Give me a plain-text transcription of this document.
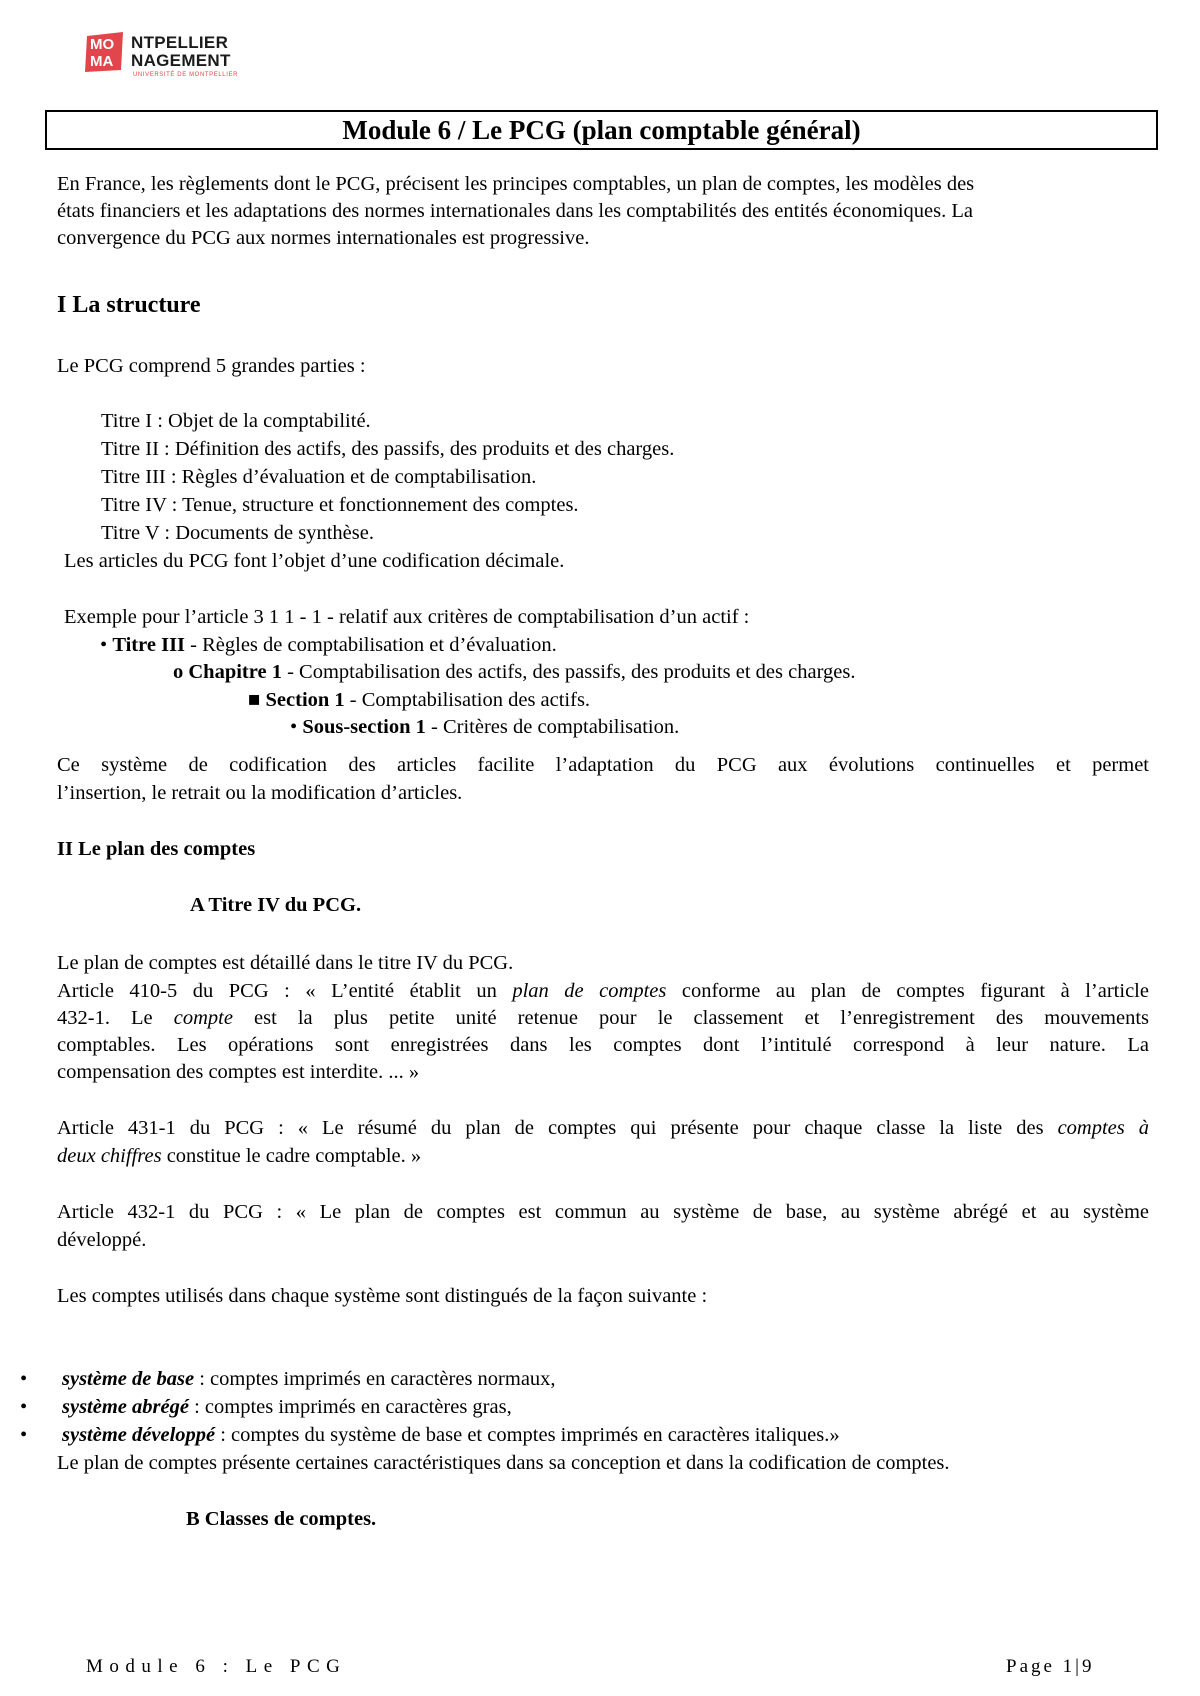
MO
MA
NTPELLIER
NAGEMENT
UNIVERSITÉ DE MONTPELLIER
Module 6 / Le PCG (plan comptable général)
En France, les règlements dont le PCG, précisent les principes comptables, un plan de comptes, les modèles des
états financiers et les adaptations des normes internationales dans les comptabilités des entités économiques. La
convergence du PCG aux normes internationales est progressive.
I La structure
Le PCG comprend 5 grandes parties :
Titre I : Objet de la comptabilité.
Titre II : Définition des actifs, des passifs, des produits et des charges.
Titre III : Règles d’évaluation et de comptabilisation.
Titre IV : Tenue, structure et fonctionnement des comptes.
Titre V : Documents de synthèse.
Les articles du PCG font l’objet d’une codification décimale.
Exemple pour l’article 3 1 1 - 1 - relatif aux critères de comptabilisation d’un actif :
• Titre III - Règles de comptabilisation et d’évaluation.
o Chapitre 1 - Comptabilisation des actifs, des passifs, des produits et des charges.
■ Section 1 - Comptabilisation des actifs.
• Sous-section 1 - Critères de comptabilisation.
Ce système de codification des articles facilite l’adaptation du PCG aux évolutions continuelles et permet
l’insertion, le retrait ou la modification d’articles.
II Le plan des comptes
A Titre IV du PCG.
Le plan de comptes est détaillé dans le titre IV du PCG.
Article 410-5 du PCG : « L’entité établit un plan de comptes conforme au plan de comptes figurant à l’article
432-1. Le compte est la plus petite unité retenue pour le classement et l’enregistrement des mouvements
comptables. Les opérations sont enregistrées dans les comptes dont l’intitulé correspond à leur nature. La
compensation des comptes est interdite. ... »
Article 431-1 du PCG : « Le résumé du plan de comptes qui présente pour chaque classe la liste des comptes à
deux chiffres constitue le cadre comptable. »
Article 432-1 du PCG : « Le plan de comptes est commun au système de base, au système abrégé et au système
développé.
Les comptes utilisés dans chaque système sont distingués de la façon suivante :
• système de base : comptes imprimés en caractères normaux,
• système abrégé : comptes imprimés en caractères gras,
• système développé : comptes du système de base et comptes imprimés en caractères italiques.»
Le plan de comptes présente certaines caractéristiques dans sa conception et dans la codification de comptes.
B Classes de comptes.
Module 6 : Le PCG	Page 1|9
